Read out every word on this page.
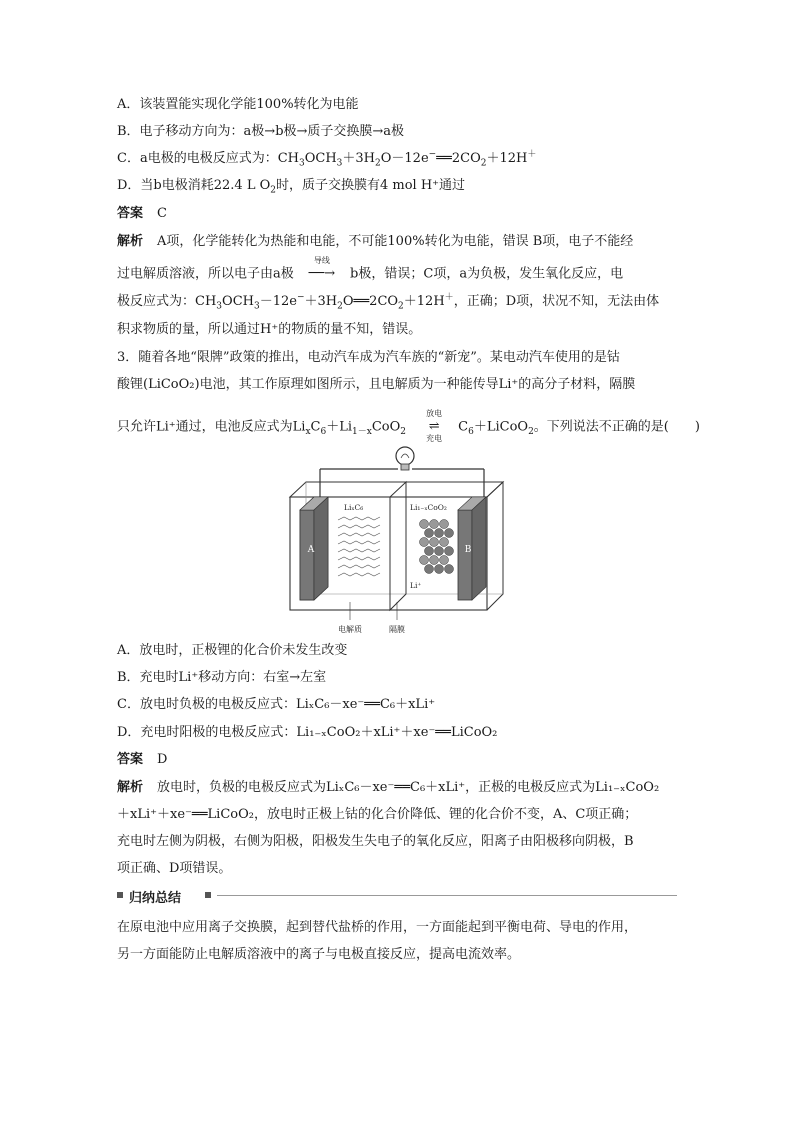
A．该装置能实现化学能100%转化为电能
B．电子移动方向为：a极→b极→质子交换膜→a极
C．a电极的电极反应式为：$CH_3OCH_3+3H_2O-12e^-══2CO_2+12H^+$
D．当b电极消耗22.4 L $O_2$时，质子交换膜有4 mol H⁺通过
答案 C
解析 A项，化学能转化为热能和电能，不可能100%转化为电能，错误 B项，电子不能经
过电解质溶液，所以电子由a极
导线
──→ b极，错误；C项，a为负极，发生氧化反应，电
极反应式为：$CH_3OCH_3-12e^-+3H_2O══2CO_2+12H^+$，正确；D项，状况不知，无法由体
积求物质的量，所以通过H⁺的物质的量不知，错误。
3．随着各地“限牌”政策的推出，电动汽车成为汽车族的“新宠”。某电动汽车使用的是钴
酸锂(LiCoO₂)电池，其工作原理如图所示，且电解质为一种能传导Li⁺的高分子材料，隔膜
只允许Li⁺通过，电池反应式为$Li_xC_6+Li_{1-x}CoO_2$
放电
⇌
充电
$C_6+LiCoO_2$。下列说法不正确的是(　　)
A	B
LiₓC₆	Li₁₋ₓCoO₂
Li⁺
电解质	隔膜
A．放电时，正极锂的化合价未发生改变
B．充电时Li⁺移动方向：右室→左室
C．放电时负极的电极反应式：LiₓC₆－xe⁻══C₆＋xLi⁺
D．充电时阳极的电极反应式：Li₁₋ₓCoO₂＋xLi⁺＋xe⁻══LiCoO₂
答案 D
解析 放电时，负极的电极反应式为LiₓC₆－xe⁻══C₆＋xLi⁺，正极的电极反应式为Li₁₋ₓCoO₂
＋xLi⁺＋xe⁻══LiCoO₂，放电时正极上钴的化合价降低、锂的化合价不变，A、C项正确；
充电时左侧为阴极，右侧为阳极，阳极发生失电子的氧化反应，阳离子由阳极移向阴极，B
项正确、D项错误。
归纳总结
在原电池中应用离子交换膜，起到替代盐桥的作用，一方面能起到平衡电荷、导电的作用，
另一方面能防止电解质溶液中的离子与电极直接反应，提高电流效率。
